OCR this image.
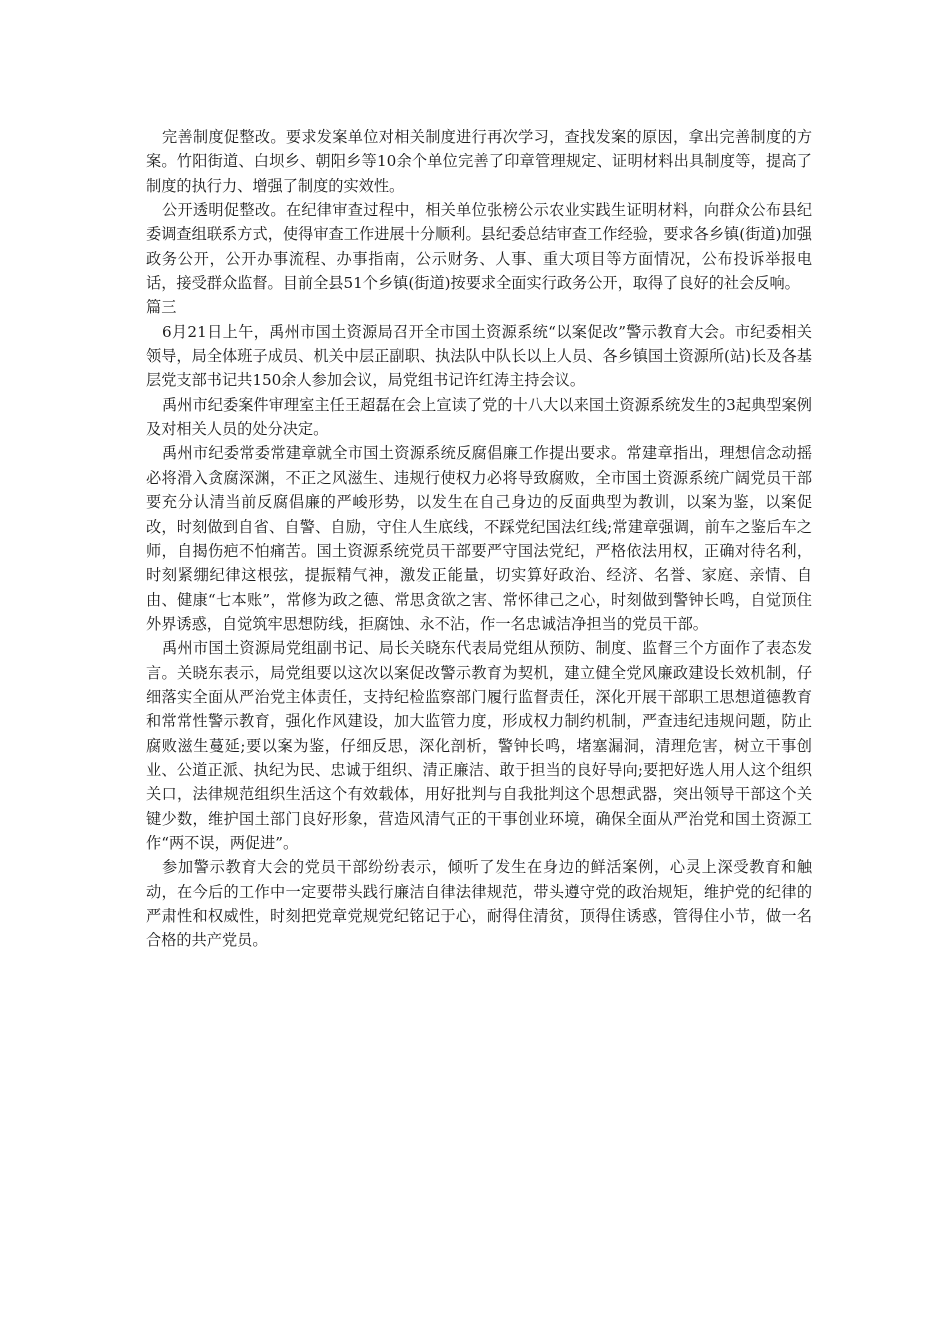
完善制度促整改。要求发案单位对相关制度进行再次学习，查找发案的原因，拿出完善制度的方案。竹阳街道、白坝乡、朝阳乡等10余个单位完善了印章管理规定、证明材料出具制度等，提高了制度的执行力、增强了制度的实效性。

公开透明促整改。在纪律审查过程中，相关单位张榜公示农业实践生证明材料，向群众公布县纪委调查组联系方式，使得审查工作进展十分顺利。县纪委总结审查工作经验，要求各乡镇(街道)加强政务公开，公开办事流程、办事指南，公示财务、人事、重大项目等方面情况，公布投诉举报电话，接受群众监督。目前全县51个乡镇(街道)按要求全面实行政务公开，取得了良好的社会反响。

篇三

6月21日上午，禹州市国土资源局召开全市国土资源系统“以案促改”警示教育大会。市纪委相关领导，局全体班子成员、机关中层正副职、执法队中队长以上人员、各乡镇国土资源所(站)长及各基层党支部书记共150余人参加会议，局党组书记许红涛主持会议。

禹州市纪委案件审理室主任王超磊在会上宣读了党的十八大以来国土资源系统发生的3起典型案例及对相关人员的处分决定。

禹州市纪委常委常建章就全市国土资源系统反腐倡廉工作提出要求。常建章指出，理想信念动摇必将滑入贪腐深渊，不正之风滋生、违规行使权力必将导致腐败，全市国土资源系统广阔党员干部要充分认清当前反腐倡廉的严峻形势，以发生在自己身边的反面典型为教训，以案为鉴，以案促改，时刻做到自省、自警、自励，守住人生底线，不踩党纪国法红线;常建章强调，前车之鉴后车之师，自揭伤疤不怕痛苦。国土资源系统党员干部要严守国法党纪，严格依法用权，正确对待名利，时刻紧绷纪律这根弦，提振精气神，激发正能量，切实算好政治、经济、名誉、家庭、亲情、自由、健康“七本账”，常修为政之德、常思贪欲之害、常怀律己之心，时刻做到警钟长鸣，自觉顶住外界诱惑，自觉筑牢思想防线，拒腐蚀、永不沾，作一名忠诚洁净担当的党员干部。

禹州市国土资源局党组副书记、局长关晓东代表局党组从预防、制度、监督三个方面作了表态发言。关晓东表示，局党组要以这次以案促改警示教育为契机，建立健全党风廉政建设长效机制，仔细落实全面从严治党主体责任，支持纪检监察部门履行监督责任，深化开展干部职工思想道德教育和常常性警示教育，强化作风建设，加大监管力度，形成权力制约机制，严查违纪违规问题，防止腐败滋生蔓延;要以案为鉴，仔细反思，深化剖析，警钟长鸣，堵塞漏洞，清理危害，树立干事创业、公道正派、执纪为民、忠诚于组织、清正廉洁、敢于担当的良好导向;要把好选人用人这个组织关口，法律规范组织生活这个有效载体，用好批判与自我批判这个思想武器，突出领导干部这个关键少数，维护国土部门良好形象，营造风清气正的干事创业环境，确保全面从严治党和国土资源工作“两不误，两促进”。

参加警示教育大会的党员干部纷纷表示，倾听了发生在身边的鲜活案例，心灵上深受教育和触动，在今后的工作中一定要带头践行廉洁自律法律规范，带头遵守党的政治规矩，维护党的纪律的严肃性和权威性，时刻把党章党规党纪铭记于心，耐得住清贫，顶得住诱惑，管得住小节，做一名合格的共产党员。
